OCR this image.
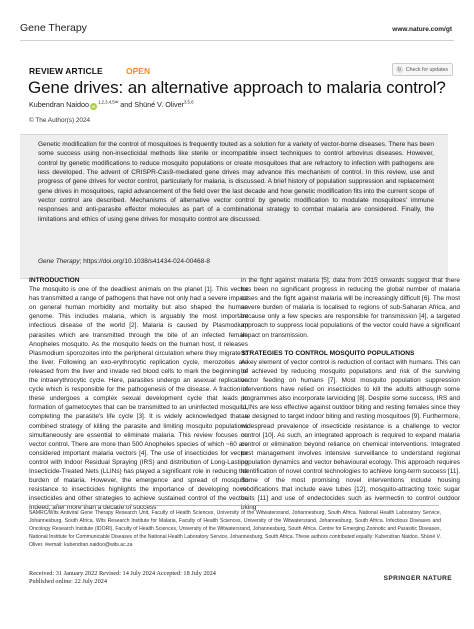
Gene Therapy	www.nature.com/gt
REVIEW ARTICLE	OPEN	↻ Check for updates
Gene drives: an alternative approach to malaria control?
Kubendran Naidoo $iD^{1,2,3,4,5✉}$ and Shüné V. Oliver$^{3,5,6}$
© The Author(s) 2024
Genetic modification for the control of mosquitoes is frequently touted as a solution for a variety of vector-borne diseases. There has been some success using non-insecticidal methods like sterile or incompatible insect techniques to control arbovirus diseases. However, control by genetic modifications to reduce mosquito populations or create mosquitoes that are refractory to infection with pathogens are less developed. The advent of CRISPR-Cas9-mediated gene drives may advance this mechanism of control. In this review, use and progress of gene drives for vector control, particularly for malaria, is discussed. A brief history of population suppression and replacement gene drives in mosquitoes, rapid advancement of the field over the last decade and how genetic modification fits into the current scope of vector control are described. Mechanisms of alternative vector control by genetic modification to modulate mosquitoes' immune responses and anti-parasite effector molecules as part of a combinational strategy to combat malaria are considered. Finally, the limitations and ethics of using gene drives for mosquito control are discussed.
Gene Therapy; https://doi.org/10.1038/s41434-024-00468-8
INTRODUCTION

The mosquito is one of the deadliest animals on the planet [1]. This vector has transmitted a range of pathogens that have not only had a severe impact on general human morbidity and mortality but also shaped the human genome. This includes malaria, which is arguably the most important infectious disease of the world [2]. Malaria is caused by Plasmodium parasites which are transmitted through the bite of an infected female Anopheles mosquito. As the mosquito feeds on the human host, it releases Plasmodium sporozoites into the peripheral circulation where they migrate to the liver. Following an exo-erythrocytic replication cycle, merozoites are released from the liver and invade red blood cells to mark the beginning of the intraerythrocytic cycle. Here, parasites undergo an asexual replication cycle which is responsible for the pathogenesis of the disease. A fraction of these undergoes a complex sexual development cycle that leads to formation of gametocytes that can be transmitted to an uninfected mosquito, completing the parasite's life cycle [3]. It is widely acknowledged that a combined strategy of killing the parasite and limiting mosquito populations simultaneously are essential to eliminate malaria. This review focuses on vector control. There are more than 500 Anopheles species of which ~60 are considered important malaria vectors [4]. The use of insecticides for vector control with Indoor Residual Spraying (IRS) and distribution of Long-Lasting Insecticide-Treated Nets (LLINs) has played a significant role in reducing the burden of malaria. However, the emergence and spread of mosquito resistance to insecticides highlights the importance of developing novel insecticides and other strategies to achieve sustained control of the vector. Indeed, after more than a decade of success

in the fight against malaria [5], data from 2015 onwards suggest that there has been no significant progress in reducing the global number of malaria cases and the fight against malaria will be increasingly difficult [6]. The most severe burden of malaria is localised to regions of sub-Saharan Africa, and because only a few species are responsible for transmission [4], a targeted approach to suppress local populations of the vector could have a significant impact on transmission.

STRATEGIES TO CONTROL MOSQUITO POPULATIONS

A key element of vector control is reduction of contact with humans. This can be achieved by reducing mosquito populations and risk of the surviving vector feeding on humans [7]. Most mosquito population suppression interventions have relied on insecticides to kill the adults although some programmes also incorporate larviciding [8]. Despite some success, IRS and LLINs are less effective against outdoor biting and resting females since they are designed to target indoor biting and resting mosquitoes [9]. Furthermore, widespread prevalence of insecticide resistance is a challenge to vector control [10]. As such, an integrated approach is required to expand malaria control or elimination beyond reliance on chemical interventions. Integrated pest management involves intensive surveillance to understand regional population dynamics and vector behavioural ecology. This approach requires identification of novel control technologies to achieve long-term success [11]. Some of the most promising novel interventions include housing modifications that include eave tubes [12], mosquito-attracting toxic sugar baits [11] and use of endectocides such as ivermectin to control outdoor biting

SAMRC/Wits Antiviral Gene Therapy Research Unit, Faculty of Health Sciences, University of the Witwatersrand, Johannesburg, South Africa. National Health Laboratory Service, Johannesburg, South Africa. Wits Research Institute for Malaria, Faculty of Health Sciences, University of the Witwatersrand, Johannesburg, South Africa. Infectious Diseases and Oncology Research Institute (IDORI), Faculty of Health Sciences, University of the Witwatersrand, Johannesburg, South Africa. Centre for Emerging Zoonotic and Parasitic Diseases, National Institute for Communicable Diseases of the National Health Laboratory Service, Johannesburg, South Africa. These authors contributed equally: Kubendran Naidoo, Shüné V. Oliver. ✉email: kubendran.naidoo@wits.ac.za
Received: 31 January 2022 Revised: 14 July 2024 Accepted: 18 July 2024
Published online: 22 July 2024	SPRINGER NATURE
